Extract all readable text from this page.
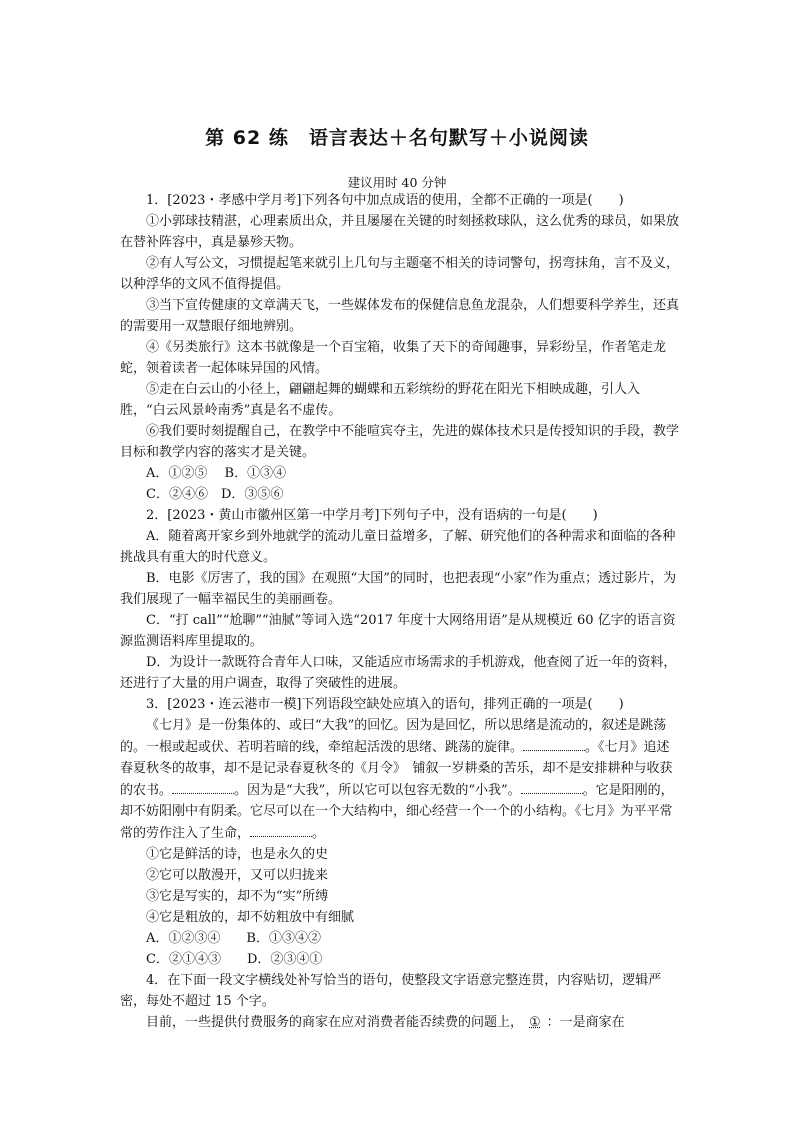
第 62 练　语言表达＋名句默写＋小说阅读
建议用时 40 分钟

1．[2023・孝感中学月考]下列各句中加点成语的使用，全都不正确的一项是(　　)

①小郭球技精湛，心理素质出众，并且屡屡在关键的时刻拯救球队，这么优秀的球员，如果放在替补阵容中，真是暴殄天物。

②有人写公文，习惯提起笔来就引上几句与主题毫不相关的诗词警句，拐弯抹角，言不及义，以种浮华的文风不值得提倡。

③当下宣传健康的文章满天飞，一些媒体发布的保健信息鱼龙混杂，人们想要科学养生，还真的需要用一双慧眼仔细地辨别。

④《另类旅行》这本书就像是一个百宝箱，收集了天下的奇闻趣事，异彩纷呈，作者笔走龙蛇，领着读者一起体味异国的风情。

⑤走在白云山的小径上，翩翩起舞的蝴蝶和五彩缤纷的野花在阳光下相映成趣，引人入胜，“白云风景岭南秀”真是名不虚传。

⑥我们要时刻提醒自己，在教学中不能喧宾夺主，先进的媒体技术只是传授知识的手段，教学目标和教学内容的落实才是关键。

A．①②⑤　 B．①③④

C．②④⑥　D．③⑤⑥

2．[2023・黄山市徽州区第一中学月考]下列句子中，没有语病的一句是(　　)

A．随着离开家乡到外地就学的流动儿童日益增多，了解、研究他们的各种需求和面临的各种挑战具有重大的时代意义。

B．电影《厉害了，我的国》在观照“大国”的同时，也把表现“小家”作为重点；透过影片，为我们展现了一幅幸福民生的美丽画卷。

C．“打 call”“尬聊”“油腻”等词入选“2017 年度十大网络用语”是从规模近 60 亿字的语言资源监测语料库里提取的。

D．为设计一款既符合青年人口味，又能适应市场需求的手机游戏，他查阅了近一年的资料，还进行了大量的用户调查，取得了突破性的进展。

3．[2023・连云港市一模]下列语段空缺处应填入的语句，排列正确的一项是(　　)

《七月》是一份集体的、或曰“大我”的回忆。因为是回忆，所以思绪是流动的，叙述是跳荡的。一根或起或伏、若明若暗的线，牵绾起活泼的思绪、跳荡的旋律。	。《七月》追述春夏秋冬的故事，却不是记录春夏秋冬的《月令》　铺叙一岁耕桑的苦乐，却不是安排耕种与收获的农书。	。因为是“大我”，所以它可以包容无数的“小我”。	。它是阳刚的，却不妨阳刚中有阴柔。它尽可以在一个大结构中，细心经营一个一个的小结构。《七月》为平平常常的劳作注入了生命，	。

①它是鲜活的诗，也是永久的史

②它可以散漫开，又可以归拢来

③它是写实的，却不为“实”所缚

④它是粗放的，却不妨粗放中有细腻

A．①②③④　　B．①③④②

C．②①④③　　D．②③④①

4．在下面一段文字横线处补写恰当的语句，使整段文字语意完整连贯，内容贴切，逻辑严密，每处不超过 15 个字。

目前，一些提供付费服务的商家在应对消费者能否续费的问题上， ① ：一是商家在
